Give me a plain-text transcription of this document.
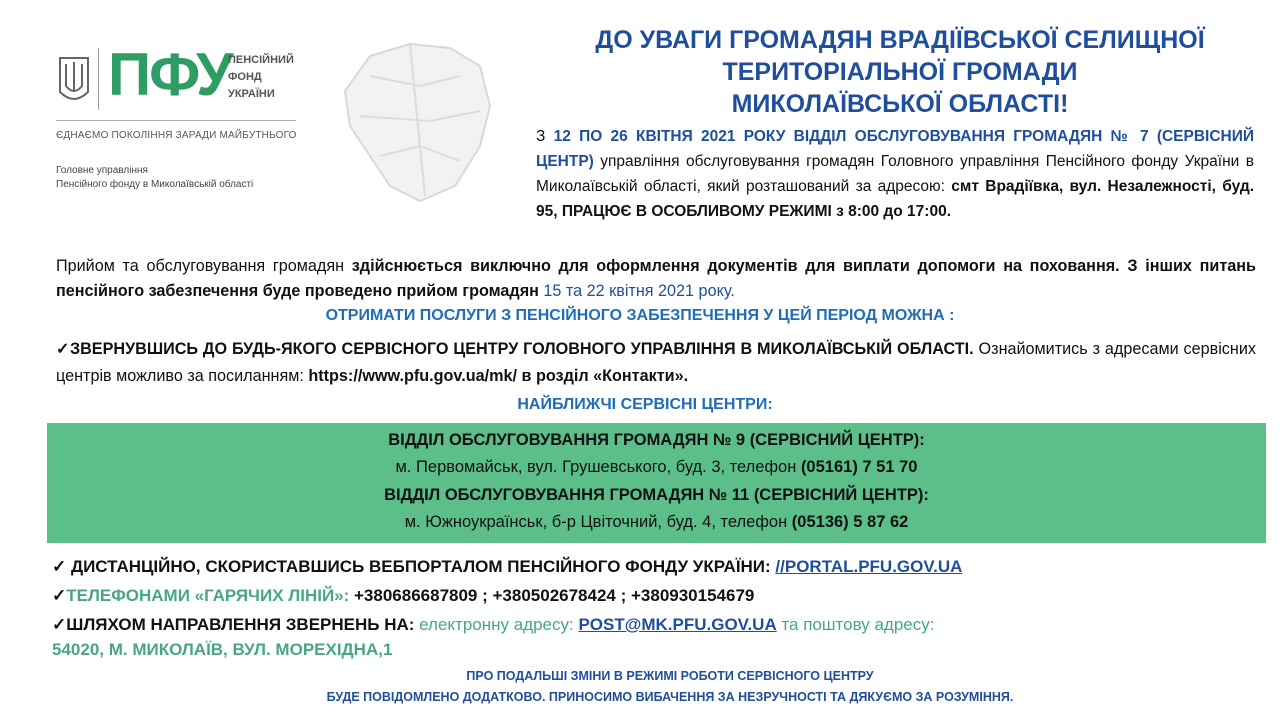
ПФУ
ПЕНСІЙНИЙ
ФОНД
УКРАЇНИ
ЄДНАЄМО ПОКОЛІННЯ ЗАРАДИ МАЙБУТНЬОГО
Головне управління
Пенсійного фонду в Миколаївській області
ДО УВАГИ ГРОМАДЯН ВРАДІЇВСЬКОЇ СЕЛИЩНОЇ
ТЕРИТОРІАЛЬНОЇ ГРОМАДИ
МИКОЛАЇВСЬКОЇ ОБЛАСТІ!
З 12 ПО 26 КВІТНЯ 2021 РОКУ ВІДДІЛ ОБСЛУГОВУВАННЯ ГРОМАДЯН № 7 (СЕРВІСНИЙ ЦЕНТР) управління обслуговування громадян Головного управління Пенсійного фонду України в Миколаївській області, який розташований за адресою: смт Врадіївка, вул. Незалежності, буд. 95, ПРАЦЮЄ В ОСОБЛИВОМУ РЕЖИМІ з 8:00 до 17:00.
Прийом та обслуговування громадян здійснюється виключно для оформлення документів для виплати допомоги на поховання. З інших питань пенсійного забезпечення буде проведено прийом громадян 15 та 22 квітня 2021 року.
ОТРИМАТИ ПОСЛУГИ З ПЕНСІЙНОГО ЗАБЕЗПЕЧЕННЯ У ЦЕЙ ПЕРІОД МОЖНА :
✓ЗВЕРНУВШИСЬ ДО БУДЬ-ЯКОГО СЕРВІСНОГО ЦЕНТРУ ГОЛОВНОГО УПРАВЛІННЯ В МИКОЛАЇВСЬКІЙ ОБЛАСТІ. Ознайомитись з адресами сервісних центрів можливо за посиланням: https://www.pfu.gov.ua/mk/ в розділ «Контакти».
НАЙБЛИЖЧІ СЕРВІСНІ ЦЕНТРИ:
ВІДДІЛ ОБСЛУГОВУВАННЯ ГРОМАДЯН № 9 (СЕРВІСНИЙ ЦЕНТР):
м. Первомайськ, вул. Грушевського, буд. 3, телефон (05161) 7 51 70
ВІДДІЛ ОБСЛУГОВУВАННЯ ГРОМАДЯН № 11 (СЕРВІСНИЙ ЦЕНТР):
м. Южноукраїнськ, б-р Цвіточний, буд. 4, телефон (05136) 5 87 62
✓ ДИСТАНЦІЙНО, СКОРИСТАВШИСЬ ВЕБПОРТАЛОМ ПЕНСІЙНОГО ФОНДУ УКРАЇНИ: //PORTAL.PFU.GOV.UA
✓ТЕЛЕФОНАМИ «ГАРЯЧИХ ЛІНІЙ»: +380686687809 ; +380502678424 ; +380930154679
✓ШЛЯХОМ НАПРАВЛЕННЯ ЗВЕРНЕНЬ НА: електронну адресу: POST@MK.PFU.GOV.UA та поштову адресу:
54020, М. МИКОЛАЇВ, ВУЛ. МОРЕХІДНА,1
ПРО ПОДАЛЬШІ ЗМІНИ В РЕЖИМІ РОБОТИ СЕРВІСНОГО ЦЕНТРУ
БУДЕ ПОВІДОМЛЕНО ДОДАТКОВО. ПРИНОСИМО ВИБАЧЕННЯ ЗА НЕЗРУЧНОСТІ ТА ДЯКУЄМО ЗА РОЗУМІННЯ.
